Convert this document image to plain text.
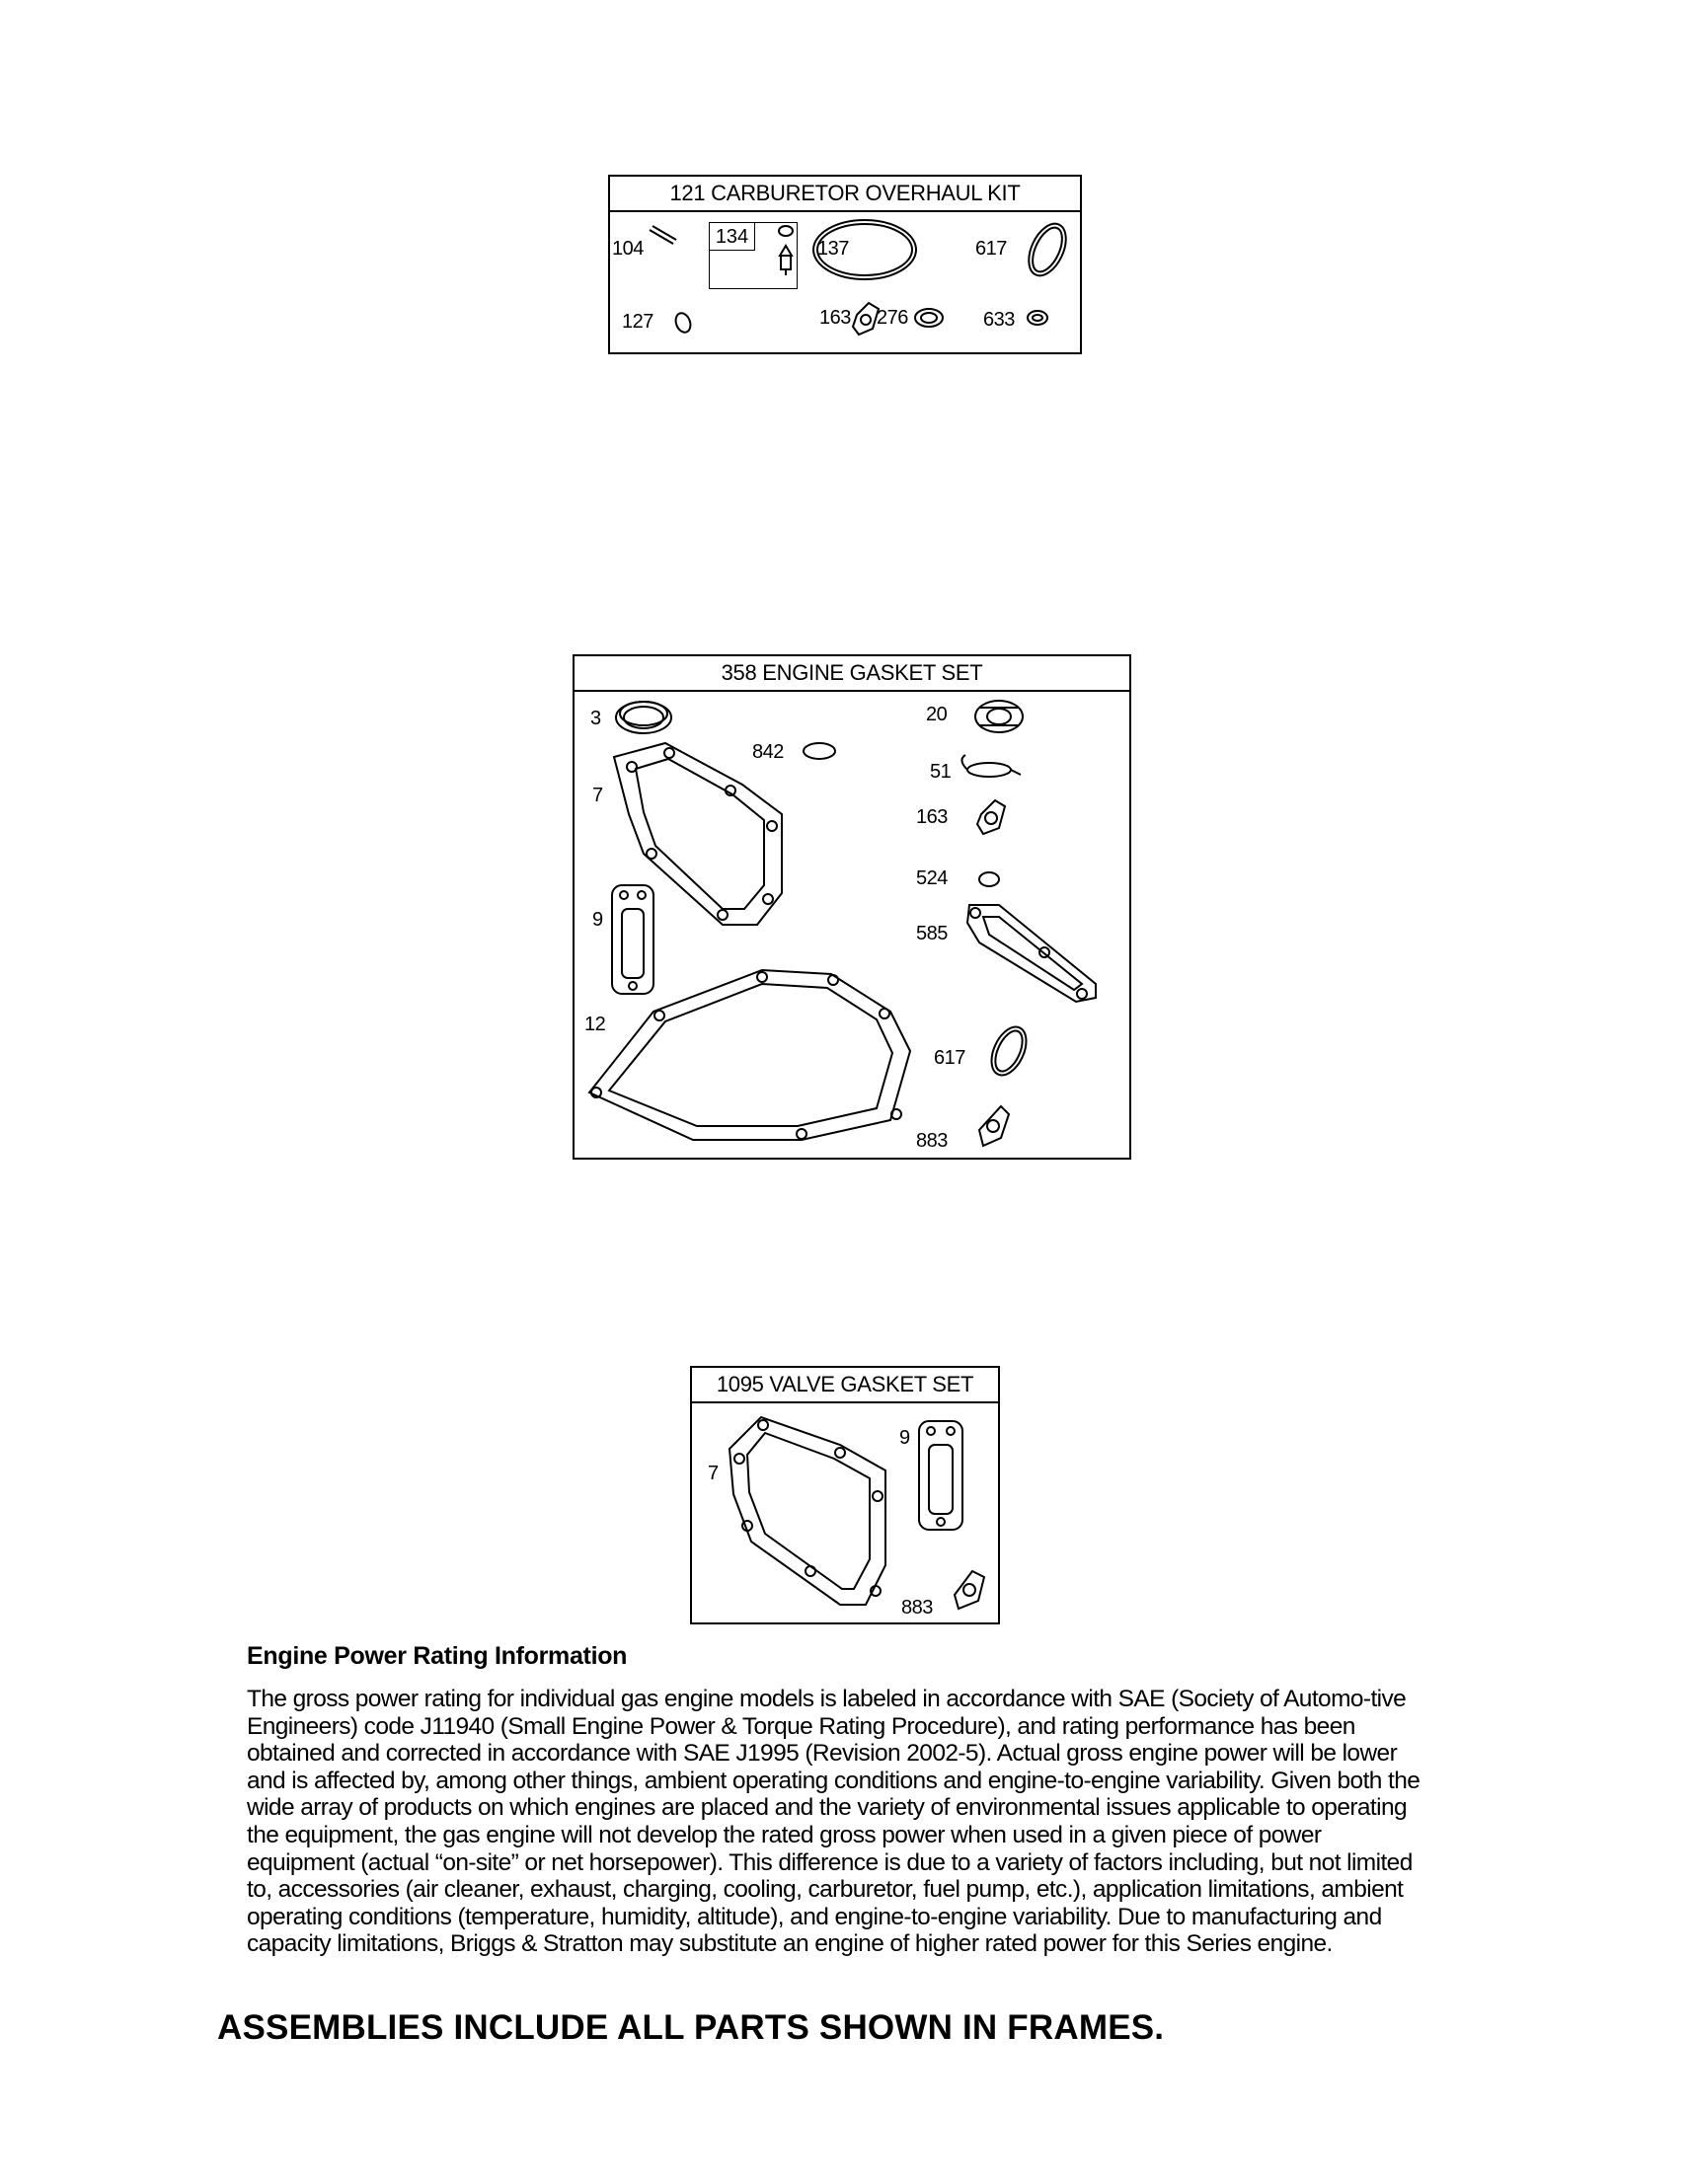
121 CARBURETOR OVERHAUL KIT
134
104	137	617
127	163 276	633
358 ENGINE GASKET SET
3
842
20
51
7
163
524
585
9
12
617
883
1095 VALVE GASKET SET
7
9
883
Engine Power Rating Information

The gross power rating for individual gas engine models is labeled in accordance with SAE (Society of Automo-tive Engineers) code J11940 (Small Engine Power & Torque Rating Procedure), and rating performance has been obtained and corrected in accordance with SAE J1995 (Revision 2002-5). Actual gross engine power will be lower and is affected by, among other things, ambient operating conditions and engine-to-engine variability. Given both the wide array of products on which engines are placed and the variety of environmental issues applicable to operating the equipment, the gas engine will not develop the rated gross power when used in a given piece of power equipment (actual “on-site” or net horsepower). This difference is due to a variety of factors including, but not limited to, accessories (air cleaner, exhaust, charging, cooling, carburetor, fuel pump, etc.), application limitations, ambient operating conditions (temperature, humidity, altitude), and engine-to-engine variability. Due to manufacturing and capacity limitations, Briggs & Stratton may substitute an engine of higher rated power for this Series engine.

ASSEMBLIES INCLUDE ALL PARTS SHOWN IN FRAMES.
